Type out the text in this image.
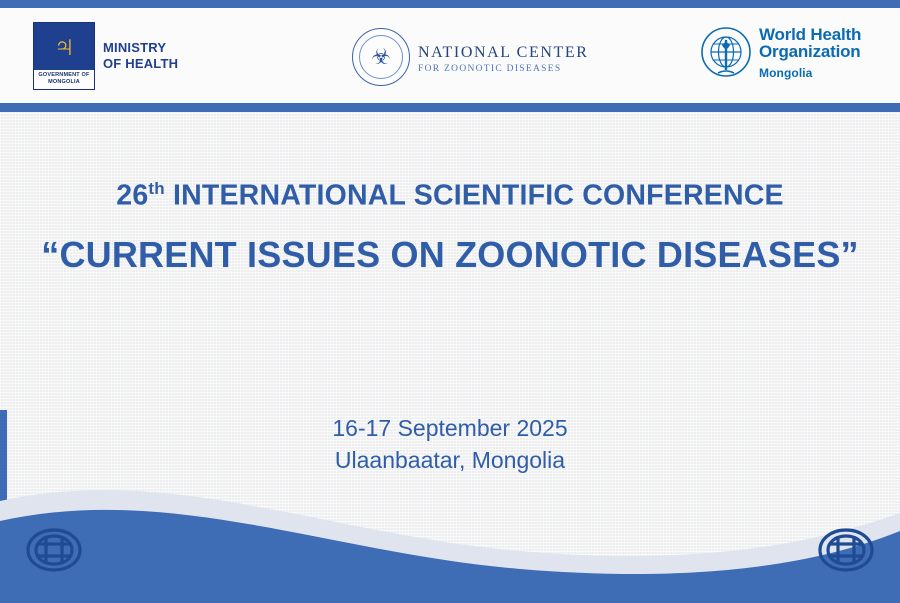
♃
GOVERNMENT OF
MONGOLIA
MINISTRY
OF HEALTH	☣ NATIONAL CENTER
FOR ZOONOTIC DISEASES
World Health
Organization
Mongolia
26th INTERNATIONAL SCIENTIFIC CONFERENCE
“CURRENT ISSUES ON ZOONOTIC DISEASES”
16-17 September 2025
Ulaanbaatar, Mongolia
